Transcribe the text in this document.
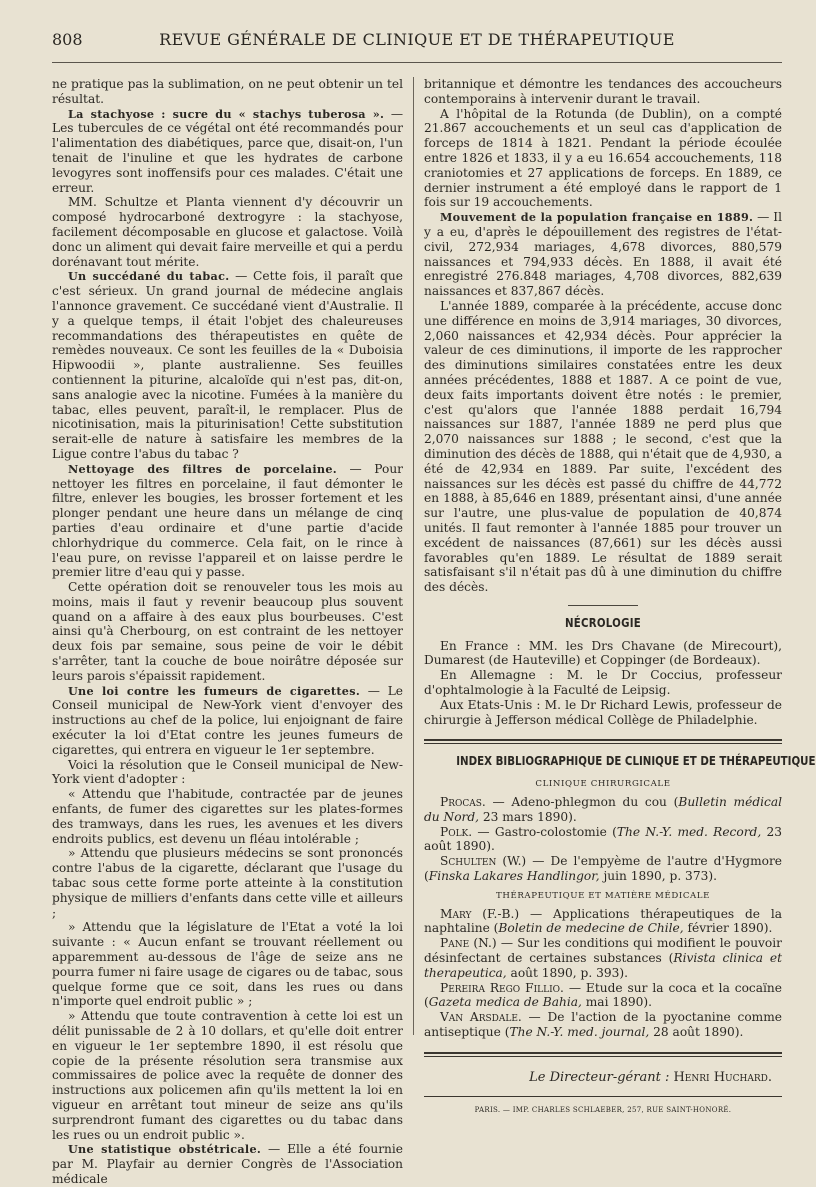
808	REVUE GÉNÉRALE DE CLINIQUE ET DE THÉRAPEUTIQUE

ne pratique pas la sublimation, on ne peut obtenir un tel résultat.

La stachyose : sucre du « stachys tuberosa ». — Les tubercules de ce végétal ont été recommandés pour l'alimentation des diabétiques, parce que, disait-on, l'un tenait de l'inuline et que les hydrates de carbone levogyres sont inoffensifs pour ces malades. C'était une erreur.

MM. Schultze et Planta viennent d'y découvrir un composé hydrocarboné dextrogyre : la stachyose, facilement décomposable en glucose et galactose. Voilà donc un aliment qui devait faire merveille et qui a perdu dorénavant tout mérite.

Un succédané du tabac. — Cette fois, il paraît que c'est sérieux. Un grand journal de médecine anglais l'annonce gravement. Ce succédané vient d'Australie. Il y a quelque temps, il était l'objet des chaleureuses recommandations des thérapeutistes en quête de remèdes nouveaux. Ce sont les feuilles de la « Duboisia Hipwoodii », plante australienne. Ses feuilles contiennent la piturine, alcaloïde qui n'est pas, dit-on, sans analogie avec la nicotine. Fumées à la manière du tabac, elles peuvent, paraît-il, le remplacer. Plus de nicotinisation, mais la piturinisation! Cette substitution serait-elle de nature à satisfaire les membres de la Ligue contre l'abus du tabac ?

Nettoyage des filtres de porcelaine. — Pour nettoyer les filtres en porcelaine, il faut démonter le filtre, enlever les bougies, les brosser fortement et les plonger pendant une heure dans un mélange de cinq parties d'eau ordinaire et d'une partie d'acide chlorhydrique du commerce. Cela fait, on le rince à l'eau pure, on revisse l'appareil et on laisse perdre le premier litre d'eau qui y passe.

Cette opération doit se renouveler tous les mois au moins, mais il faut y revenir beaucoup plus souvent quand on a affaire à des eaux plus bourbeuses. C'est ainsi qu'à Cherbourg, on est contraint de les nettoyer deux fois par semaine, sous peine de voir le débit s'arrêter, tant la couche de boue noirâtre déposée sur leurs parois s'épaissit rapidement.

Une loi contre les fumeurs de cigarettes. — Le Conseil municipal de New-York vient d'envoyer des instructions au chef de la police, lui enjoignant de faire exécuter la loi d'Etat contre les jeunes fumeurs de cigarettes, qui entrera en vigueur le 1er septembre.

Voici la résolution que le Conseil municipal de New-York vient d'adopter :

« Attendu que l'habitude, contractée par de jeunes enfants, de fumer des cigarettes sur les plates-formes des tramways, dans les rues, les avenues et les divers endroits publics, est devenu un fléau intolérable ;

» Attendu que plusieurs médecins se sont prononcés contre l'abus de la cigarette, déclarant que l'usage du tabac sous cette forme porte atteinte à la constitution physique de milliers d'enfants dans cette ville et ailleurs ;

» Attendu que la législature de l'Etat a voté la loi suivante : « Aucun enfant se trouvant réellement ou apparemment au-dessous de l'âge de seize ans ne pourra fumer ni faire usage de cigares ou de tabac, sous quelque forme que ce soit, dans les rues ou dans n'importe quel endroit public » ;

» Attendu que toute contravention à cette loi est un délit punissable de 2 à 10 dollars, et qu'elle doit entrer en vigueur le 1er septembre 1890, il est résolu que copie de la présente résolution sera transmise aux commissaires de police avec la requête de donner des instructions aux policemen afin qu'ils mettent la loi en vigueur en arrêtant tout mineur de seize ans qu'ils surprendront fumant des cigarettes ou du tabac dans les rues ou un endroit public ».

Une statistique obstétricale. — Elle a été fournie par M. Playfair au dernier Congrès de l'Association médicale

britannique et démontre les tendances des accoucheurs contemporains à intervenir durant le travail.

A l'hôpital de la Rotunda (de Dublin), on a compté 21.867 accouchements et un seul cas d'application de forceps de 1814 à 1821. Pendant la période écoulée entre 1826 et 1833, il y a eu 16.654 accouchements, 118 craniotomies et 27 applications de forceps. En 1889, ce dernier instrument a été employé dans le rapport de 1 fois sur 19 accouchements.

Mouvement de la population française en 1889. — Il y a eu, d'après le dépouillement des registres de l'état-civil, 272,934 mariages, 4,678 divorces, 880,579 naissances et 794,933 décès. En 1888, il avait été enregistré 276.848 mariages, 4,708 divorces, 882,639 naissances et 837,867 décès.

L'année 1889, comparée à la précédente, accuse donc une différence en moins de 3,914 mariages, 30 divorces, 2,060 naissances et 42,934 décès. Pour apprécier la valeur de ces diminutions, il importe de les rapprocher des diminutions similaires constatées entre les deux années précédentes, 1888 et 1887. A ce point de vue, deux faits importants doivent être notés : le premier, c'est qu'alors que l'année 1888 perdait 16,794 naissances sur 1887, l'année 1889 ne perd plus que 2,070 naissances sur 1888 ; le second, c'est que la diminution des décès de 1888, qui n'était que de 4,930, a été de 42,934 en 1889. Par suite, l'excédent des naissances sur les décès est passé du chiffre de 44,772 en 1888, à 85,646 en 1889, présentant ainsi, d'une année sur l'autre, une plus-value de population de 40,874 unités. Il faut remonter à l'année 1885 pour trouver un excédent de naissances (87,661) sur les décès aussi favorables qu'en 1889. Le résultat de 1889 serait satisfaisant s'il n'était pas dû à une diminution du chiffre des décès.

NÉCROLOGIE

En France : MM. les Drs Chavane (de Mirecourt), Dumarest (de Hauteville) et Coppinger (de Bordeaux).

En Allemagne : M. le Dr Coccius, professeur d'ophtalmologie à la Faculté de Leipsig.

Aux Etats-Unis : M. le Dr Richard Lewis, professeur de chirurgie à Jefferson médical Collège de Philadelphie.

INDEX BIBLIOGRAPHIQUE DE CLINIQUE ET DE THÉRAPEUTIQUE
CLINIQUE CHIRURGICALE

Procas. — Adeno-phlegmon du cou (Bulletin médical du Nord, 23 mars 1890).

Polk. — Gastro-colostomie (The N.-Y. med. Record, 23 août 1890).

Schulten (W.) — De l'empyème de l'autre d'Hygmore (Finska Lakares Handlingor, juin 1890, p. 373).

THÉRAPEUTIQUE ET MATIÈRE MÉDICALE

Mary (F.-B.) — Applications thérapeutiques de la naphtaline (Boletin de medecine de Chile, février 1890).

Pane (N.) — Sur les conditions qui modifient le pouvoir désinfectant de certaines substances (Rivista clinica et therapeutica, août 1890, p. 393).

Pereira Rego Fillio. — Etude sur la coca et la cocaïne (Gazeta medica de Bahia, mai 1890).

Van Arsdale. — De l'action de la pyoctanine comme antiseptique (The N.-Y. med. journal, 28 août 1890).

Le Directeur-gérant : Henri Huchard.
PARIS. — IMP. CHARLES SCHLAEBER, 257, RUE SAINT-HONORÉ.
